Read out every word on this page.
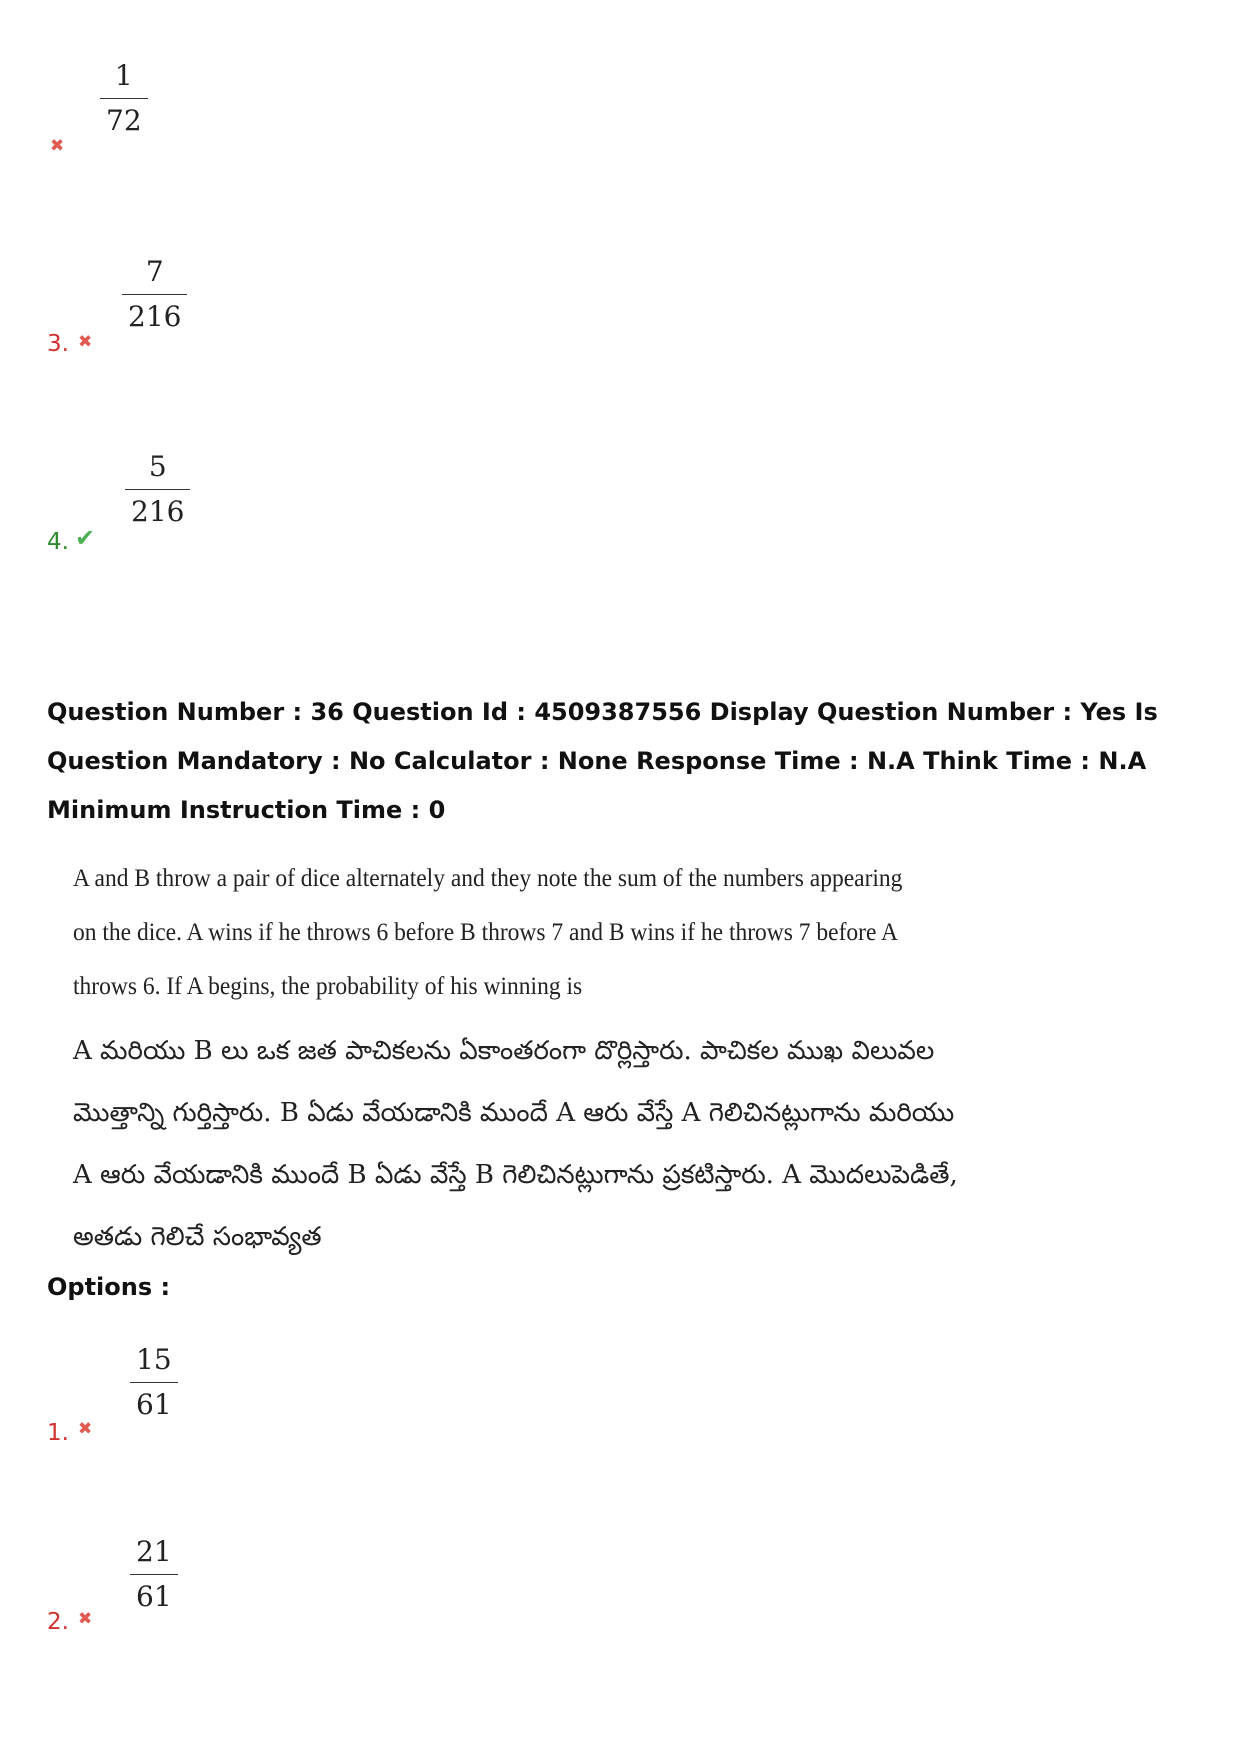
✖
1
72
3. ✖
7
216
4. ✔
5
216
Question Number : 36 Question Id : 4509387556 Display Question Number : Yes Is Question Mandatory : No Calculator : None Response Time : N.A Think Time : N.A Minimum Instruction Time : 0
A and B throw a pair of dice alternately and they note the sum of the numbers appearing on the dice. A wins if he throws 6 before B throws 7 and B wins if he throws 7 before A throws 6. If A begins, the probability of his winning is
A మరియు B లు ఒక జత పాచికలను ఏకాంతరంగా దొర్లిస్తారు. పాచికల ముఖ విలువల మొత్తాన్ని గుర్తిస్తారు. B ఏడు వేయడానికి ముందే A ఆరు వేస్తే A గెలిచినట్లుగాను మరియు A ఆరు వేయడానికి ముందే B ఏడు వేస్తే B గెలిచినట్లుగాను ప్రకటిస్తారు. A మొదలుపెడితే, అతడు గెలిచే సంభావ్యత
Options :
1. ✖
15
61
2. ✖
21
61
